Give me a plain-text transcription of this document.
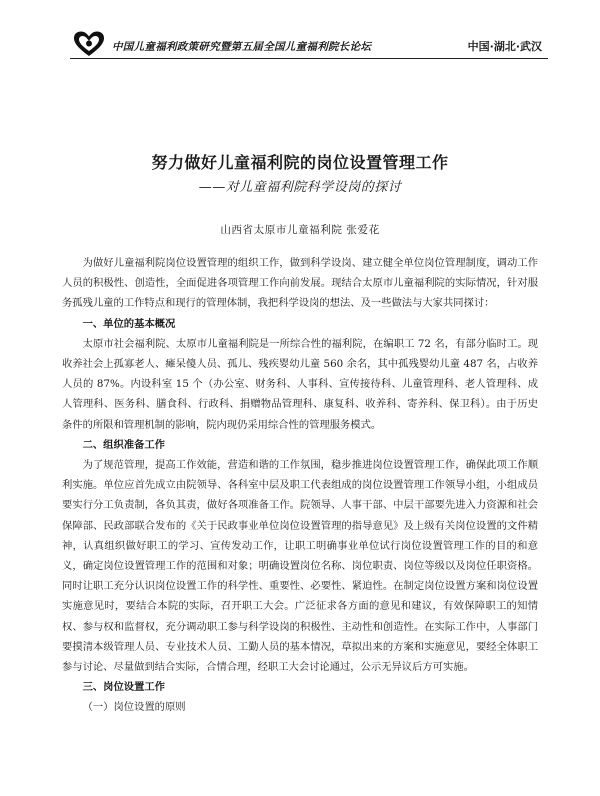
中国儿童福利政策研究暨第五届全国儿童福利院长论坛	中国·湖北·武汉
努力做好儿童福利院的岗位设置管理工作
——对儿童福利院科学设岗的探讨
山西省太原市儿童福利院 张爱花

为做好儿童福利院岗位设置管理的组织工作，做到科学设岗、建立健全单位岗位管理制度，调动工作人员的积极性、创造性，全面促进各项管理工作向前发展。现结合太原市儿童福利院的实际情况，针对服务孤残儿童的工作特点和现行的管理体制，我把科学设岗的想法、及一些做法与大家共同探讨：

一、单位的基本概况

太原市社会福利院、太原市儿童福利院是一所综合性的福利院，在编职工 72 名，有部分临时工。现收养社会上孤寡老人、瘫呆傻人员、孤儿、残疾婴幼儿童 560 余名，其中孤残婴幼儿童 487 名，占收养人员的 87%。内设科室 15 个（办公室、财务科、人事科、宣传接待科、儿童管理科、老人管理科、成人管理科、医务科、膳食科、行政科、捐赠物品管理科、康复科、收养科、寄养科、保卫科）。由于历史条件的所限和管理机制的影响，院内现仍采用综合性的管理服务模式。

二、组织准备工作

为了规范管理，提高工作效能，营造和谐的工作氛围，稳步推进岗位设置管理工作，确保此项工作顺利实施。单位应首先成立由院领导、各科室中层及职工代表组成的岗位设置管理工作领导小组，小组成员要实行分工负责制，各负其责，做好各项准备工作。院领导、人事干部、中层干部要先进入力资源和社会保障部、民政部联合发布的《关于民政事业单位岗位设置管理的指导意见》及上级有关岗位设置的文件精神，认真组织做好职工的学习、宣传发动工作，让职工明确事业单位试行岗位设置管理工作的目的和意义，确定岗位设置管理工作的范围和对象；明确设置岗位名称、岗位职责、岗位等级以及岗位任职资格。同时让职工充分认识岗位设置工作的科学性、重要性、必要性、紧迫性。在制定岗位设置方案和岗位设置实施意见时，要结合本院的实际，召开职工大会。广泛征求各方面的意见和建议，有效保障职工的知情权、参与权和监督权，充分调动职工参与科学设岗的积极性、主动性和创造性。在实际工作中，人事部门要摸清本级管理人员、专业技术人员、工勤人员的基本情况，草拟出来的方案和实施意见，要经全体职工参与讨论、尽量做到结合实际，合情合理，经职工大会讨论通过，公示无异议后方可实施。

三、岗位设置工作
（一）岗位设置的原则
